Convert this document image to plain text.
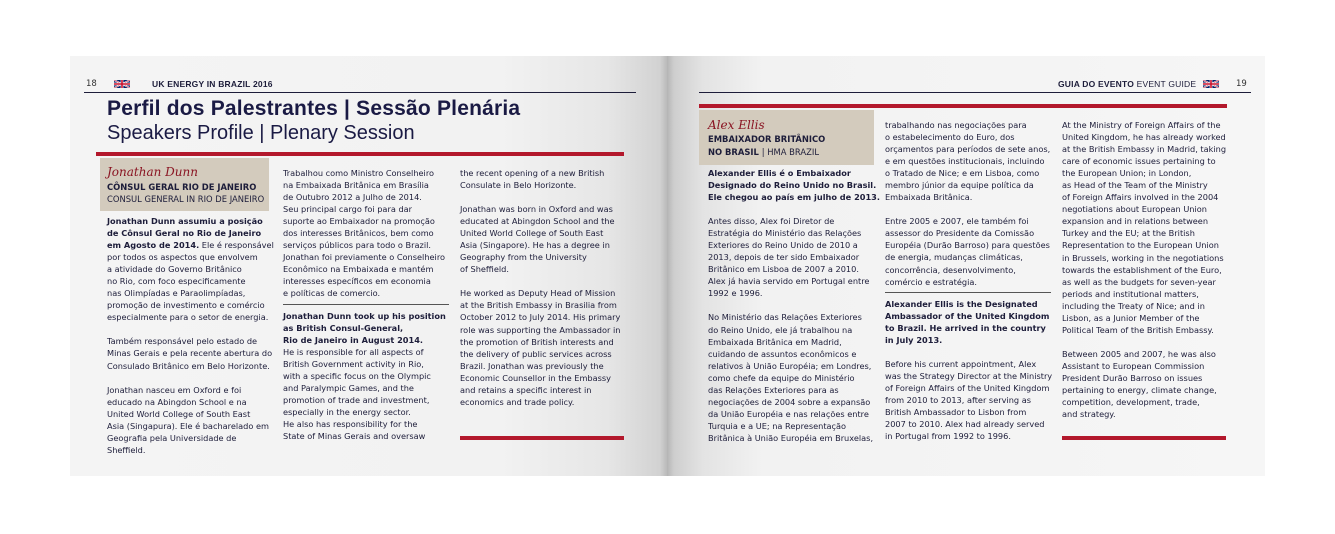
18	UK ENERGY IN BRAZIL 2016
Perfil dos Palestrantes | Sessão Plenária
Speakers Profile | Plenary Session
Jonathan Dunn
CÔNSUL GERAL RIO DE JANEIRO
CONSUL GENERAL IN RIO DE JANEIRO

Jonathan Dunn assumiu a posição
de Cônsul Geral no Rio de Janeiro
em Agosto de 2014. Ele é responsável
por todos os aspectos que envolvem
a atividade do Governo Britânico
no Rio, com foco especificamente
nas Olimpíadas e Paraolimpíadas,
promoção de investimento e comércio
especialmente para o setor de energia.

Também responsável pelo estado de
Minas Gerais e pela recente abertura do
Consulado Britânico em Belo Horizonte.

Jonathan nasceu em Oxford e foi
educado na Abingdon School e na
United World College of South East
Asia (Singapura). Ele é bacharelado em
Geografia pela Universidade de Sheffield.

Trabalhou como Ministro Conselheiro
na Embaixada Britânica em Brasília
de Outubro 2012 a Julho de 2014.
Seu principal cargo foi para dar
suporte ao Embaixador na promoção
dos interesses Britânicos, bem como
serviços públicos para todo o Brazil.
Jonathan foi previamente o Conselheiro
Econômico na Embaixada e mantém
interesses específicos em economia
e políticas de comercio.

Jonathan Dunn took up his position
as British Consul-General,
Rio de Janeiro in August 2014.
He is responsible for all aspects of
British Government activity in Rio,
with a specific focus on the Olympic
and Paralympic Games, and the
promotion of trade and investment,
especially in the energy sector.
He also has responsibility for the
State of Minas Gerais and oversaw

the recent opening of a new British
Consulate in Belo Horizonte.

Jonathan was born in Oxford and was
educated at Abingdon School and the
United World College of South East
Asia (Singapore). He has a degree in
Geography from the University
of Sheffield.

He worked as Deputy Head of Mission
at the British Embassy in Brasilia from
October 2012 to July 2014. His primary
role was supporting the Ambassador in
the promotion of British interests and
the delivery of public services across
Brazil. Jonathan was previously the
Economic Counsellor in the Embassy
and retains a specific interest in
economics and trade policy.

GUIA DO EVENTO EVENT GUIDE	19
Alex Ellis
EMBAIXADOR BRITÂNICO
NO BRASIL | HMA BRAZIL

Alexander Ellis é o Embaixador
Designado do Reino Unido no Brasil.
Ele chegou ao país em julho de 2013.

Antes disso, Alex foi Diretor de
Estratégia do Ministério das Relações
Exteriores do Reino Unido de 2010 a
2013, depois de ter sido Embaixador
Britânico em Lisboa de 2007 a 2010.
Alex já havia servido em Portugal entre
1992 e 1996.

No Ministério das Relações Exteriores
do Reino Unido, ele já trabalhou na
Embaixada Britânica em Madrid,
cuidando de assuntos econômicos e
relativos à União Européia; em Londres,
como chefe da equipe do Ministério
das Relações Exteriores para as
negociações de 2004 sobre a expansão
da União Européia e nas relações entre
Turquia e a UE; na Representação
Britânica à União Européia em Bruxelas,

trabalhando nas negociações para
o estabelecimento do Euro, dos
orçamentos para períodos de sete anos,
e em questões institucionais, incluindo
o Tratado de Nice; e em Lisboa, como
membro júnior da equipe política da
Embaixada Britânica.

Entre 2005 e 2007, ele também foi
assessor do Presidente da Comissão
Européia (Durão Barroso) para questões
de energia, mudanças climáticas,
concorrência, desenvolvimento,
comércio e estratégia.

Alexander Ellis is the Designated
Ambassador of the United Kingdom
to Brazil. He arrived in the country
in July 2013.

Before his current appointment, Alex
was the Strategy Director at the Ministry
of Foreign Affairs of the United Kingdom
from 2010 to 2013, after serving as
British Ambassador to Lisbon from
2007 to 2010. Alex had already served
in Portugal from 1992 to 1996.

At the Ministry of Foreign Affairs of the
United Kingdom, he has already worked
at the British Embassy in Madrid, taking
care of economic issues pertaining to
the European Union; in London,
as Head of the Team of the Ministry
of Foreign Affairs involved in the 2004
negotiations about European Union
expansion and in relations between
Turkey and the EU; at the British
Representation to the European Union
in Brussels, working in the negotiations
towards the establishment of the Euro,
as well as the budgets for seven-year
periods and institutional matters,
including the Treaty of Nice; and in
Lisbon, as a Junior Member of the
Political Team of the British Embassy.

Between 2005 and 2007, he was also
Assistant to European Commission
President Durão Barroso on issues
pertaining to energy, climate change,
competition, development, trade,
and strategy.
